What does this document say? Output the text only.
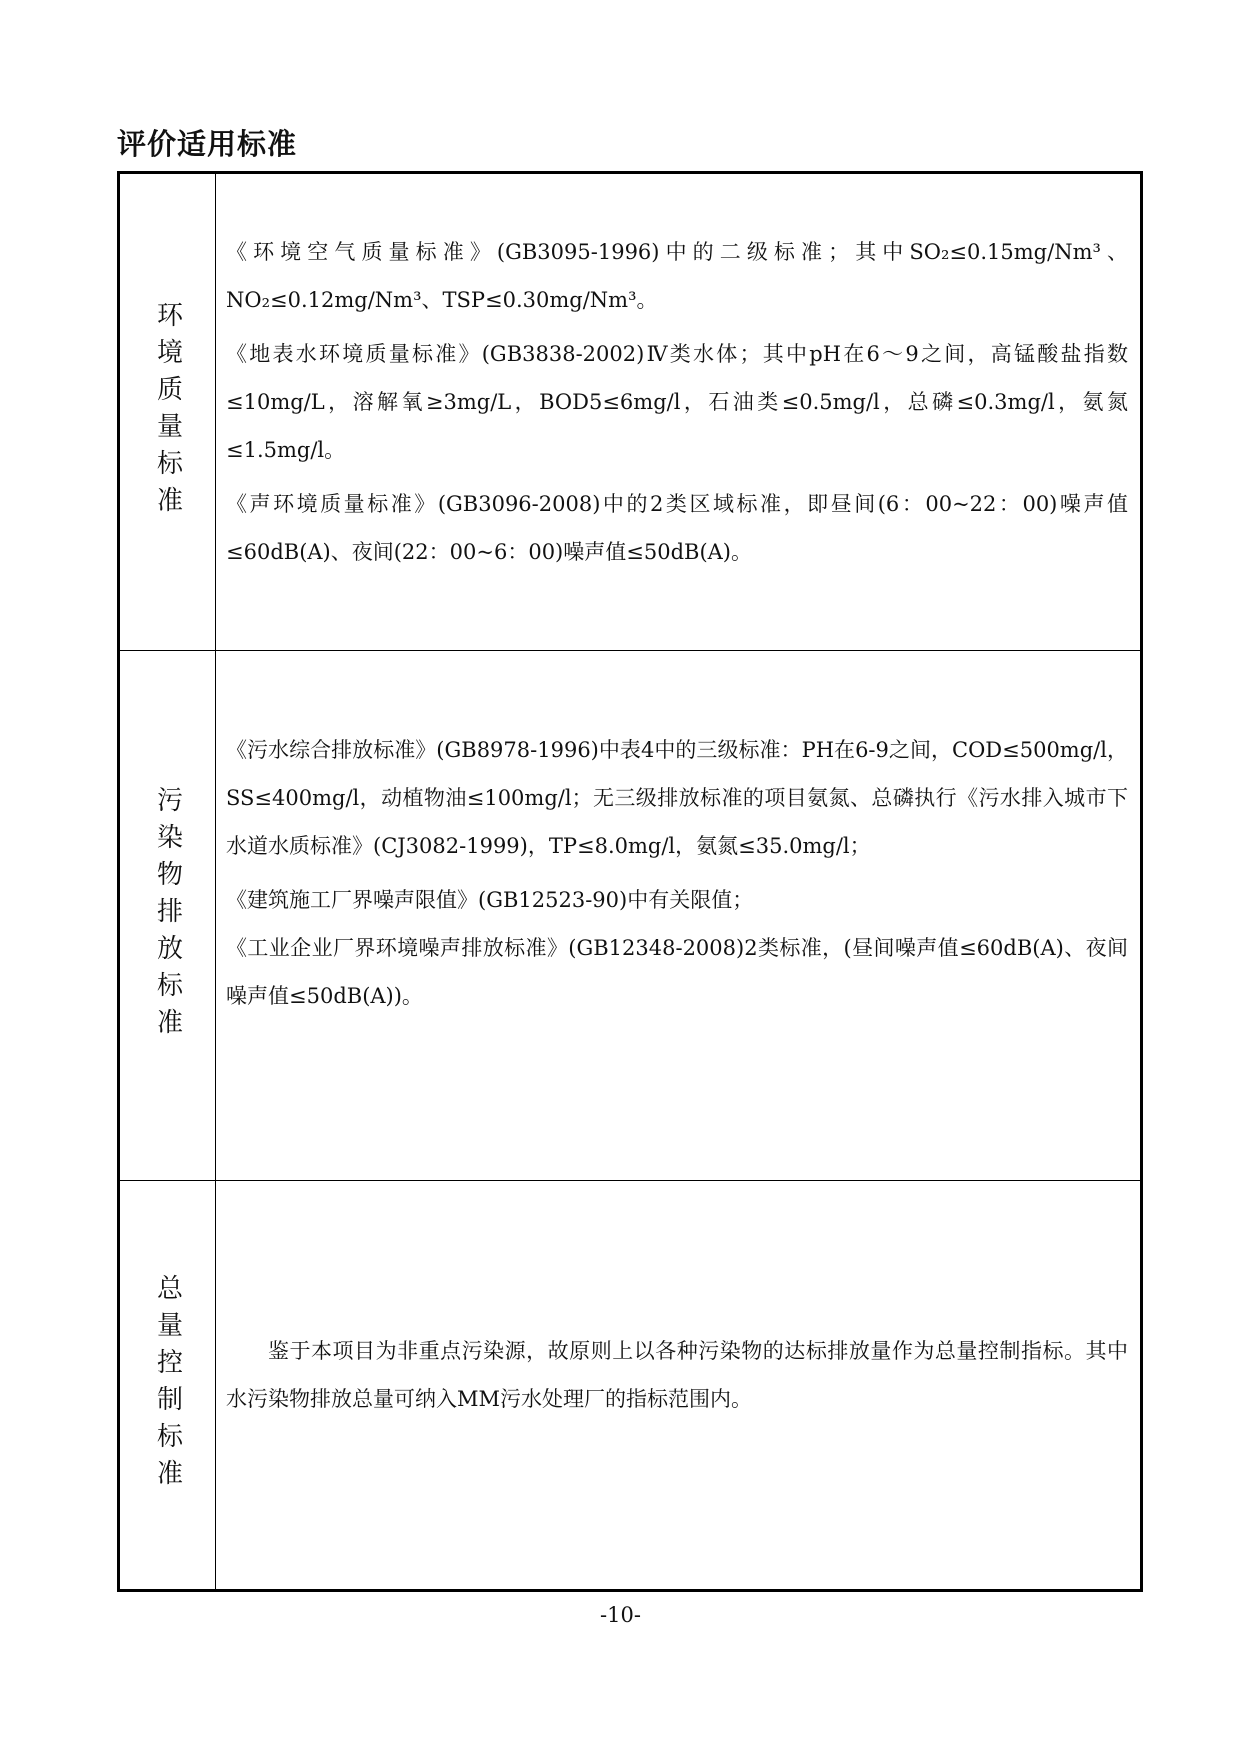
评价适用标准
环境质量标准

《环境空气质量标准》(GB3095-1996)中的二级标准；其中SO₂≤0.15mg/Nm³、NO₂≤0.12mg/Nm³、TSP≤0.30mg/Nm³。

《地表水环境质量标准》(GB3838-2002)Ⅳ类水体；其中pH在6～9之间，高锰酸盐指数≤10mg/L，溶解氧≥3mg/L，BOD5≤6mg/l，石油类≤0.5mg/l，总磷≤0.3mg/l，氨氮≤1.5mg/l。

《声环境质量标准》(GB3096-2008)中的2类区域标准，即昼间(6：00~22：00)噪声值≤60dB(A)、夜间(22：00~6：00)噪声值≤50dB(A)。

污染物排放标准

《污水综合排放标准》(GB8978-1996)中表4中的三级标准：PH在6-9之间，COD≤500mg/l，SS≤400mg/l，动植物油≤100mg/l；无三级排放标准的项目氨氮、总磷执行《污水排入城市下水道水质标准》(CJ3082-1999)，TP≤8.0mg/l，氨氮≤35.0mg/l；

《建筑施工厂界噪声限值》(GB12523-90)中有关限值；

《工业企业厂界环境噪声排放标准》(GB12348-2008)2类标准，(昼间噪声值≤60dB(A)、夜间噪声值≤50dB(A))。

总量控制标准	鉴于本项目为非重点污染源，故原则上以各种污染物的达标排放量作为总量控制指标。其中水污染物排放总量可纳入MM污水处理厂的指标范围内。

-10-
